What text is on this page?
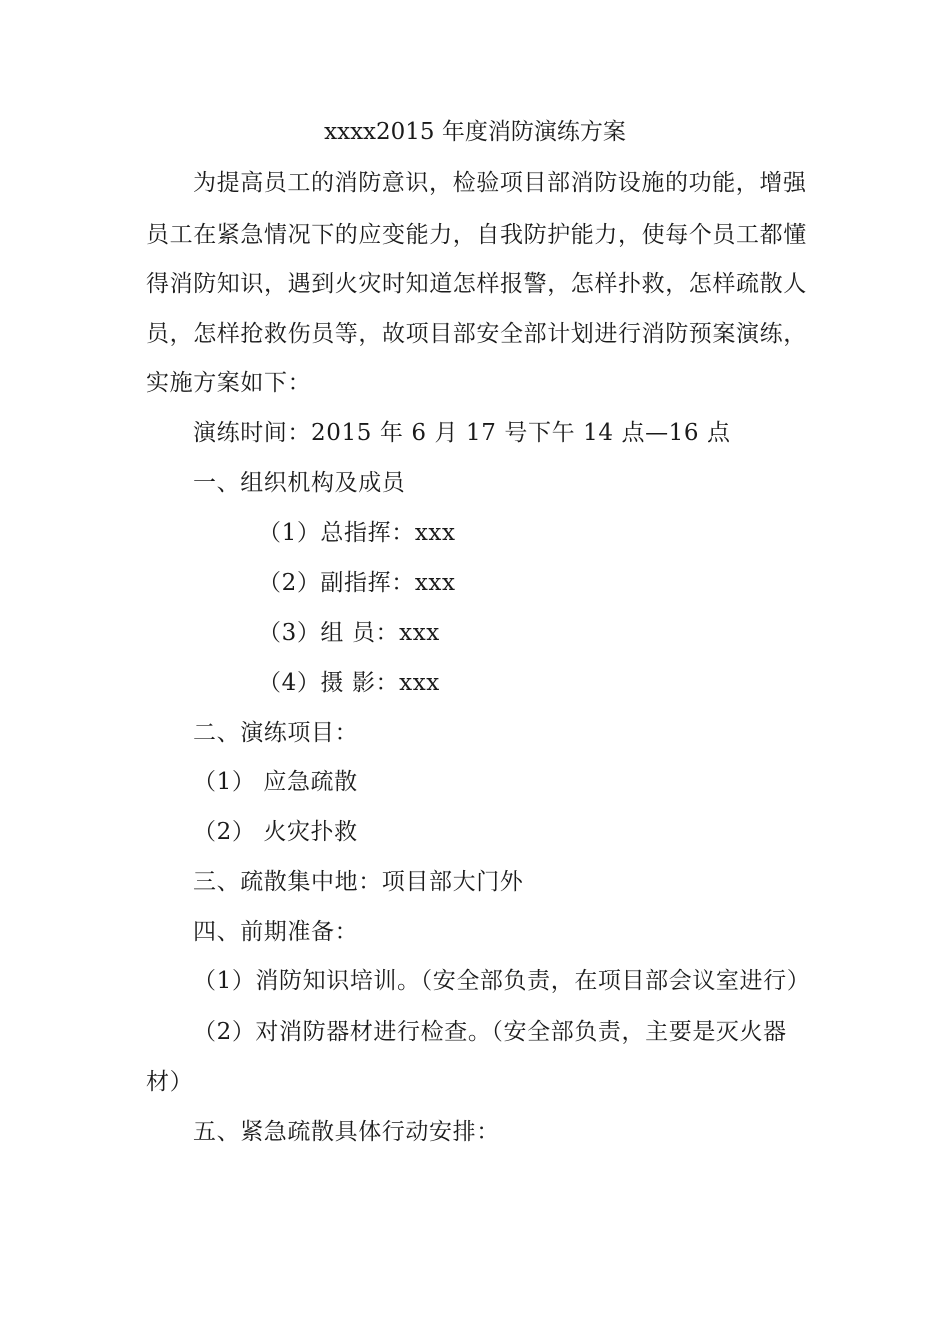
xxxx2015 年度消防演练方案
为提高员工的消防意识，检验项目部消防设施的功能，增强
员工在紧急情况下的应变能力，自我防护能力，使每个员工都懂
得消防知识，遇到火灾时知道怎样报警，怎样扑救，怎样疏散人
员，怎样抢救伤员等，故项目部安全部计划进行消防预案演练，
实施方案如下：
演练时间：2015 年 6 月 17 号下午 14 点—16 点
一、组织机构及成员
（1）总指挥：xxx
（2）副指挥：xxx
（3）组 员：xxx
（4）摄 影：xxx
二、演练项目：
（1） 应急疏散
（2） 火灾扑救
三、疏散集中地：项目部大门外
四、前期准备：
（1）消防知识培训。（安全部负责，在项目部会议室进行）
（2）对消防器材进行检查。（安全部负责，主要是灭火器
材）
五、紧急疏散具体行动安排：
